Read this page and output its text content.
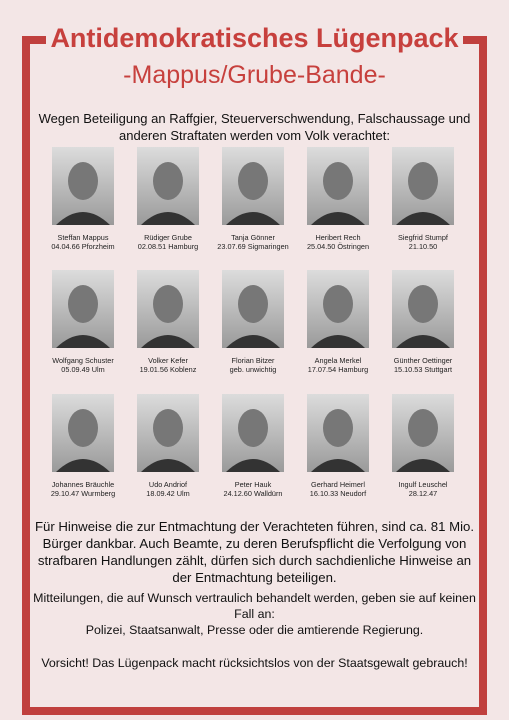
Antidemokratisches Lügenpack
-Mappus/Grube-Bande-
Wegen Beteiligung an Raffgier, Steuerverschwendung, Falschaussage und anderen Straftaten werden vom Volk verachtet:
Steffan Mappus
04.04.66 Pforzheim
Rüdiger Grube
02.08.51 Hamburg
Tanja Gönner
23.07.69 Sigmaringen
Heribert Rech
25.04.50 Östringen
Siegfrid Stumpf
21.10.50
Wolfgang Schuster
05.09.49 Ulm
Volker Kefer
19.01.56 Koblenz
Florian Bitzer
geb. unwichtig
Angela Merkel
17.07.54 Hamburg
Günther Oettinger
15.10.53 Stuttgart
Johannes Bräuchle
29.10.47 Wurmberg
Udo Andriof
18.09.42 Ulm
Peter Hauk
24.12.60 Walldürn
Gerhard Heimerl
16.10.33 Neudorf
Ingulf Leuschel
28.12.47
Für Hinweise die zur Entmachtung der Verachteten führen, sind ca. 81 Mio. Bürger dankbar. Auch Beamte, zu deren Berufspflicht die Verfolgung von strafbaren Handlungen zählt, dürfen sich durch sachdienliche Hinweise an der Entmachtung beteiligen.
Mitteilungen, die auf Wunsch vertraulich behandelt werden, geben sie auf keinen Fall an:
Polizei, Staatsanwalt, Presse oder die amtierende Regierung.
Vorsicht! Das Lügenpack macht rücksichtslos von der Staatsgewalt gebrauch!
